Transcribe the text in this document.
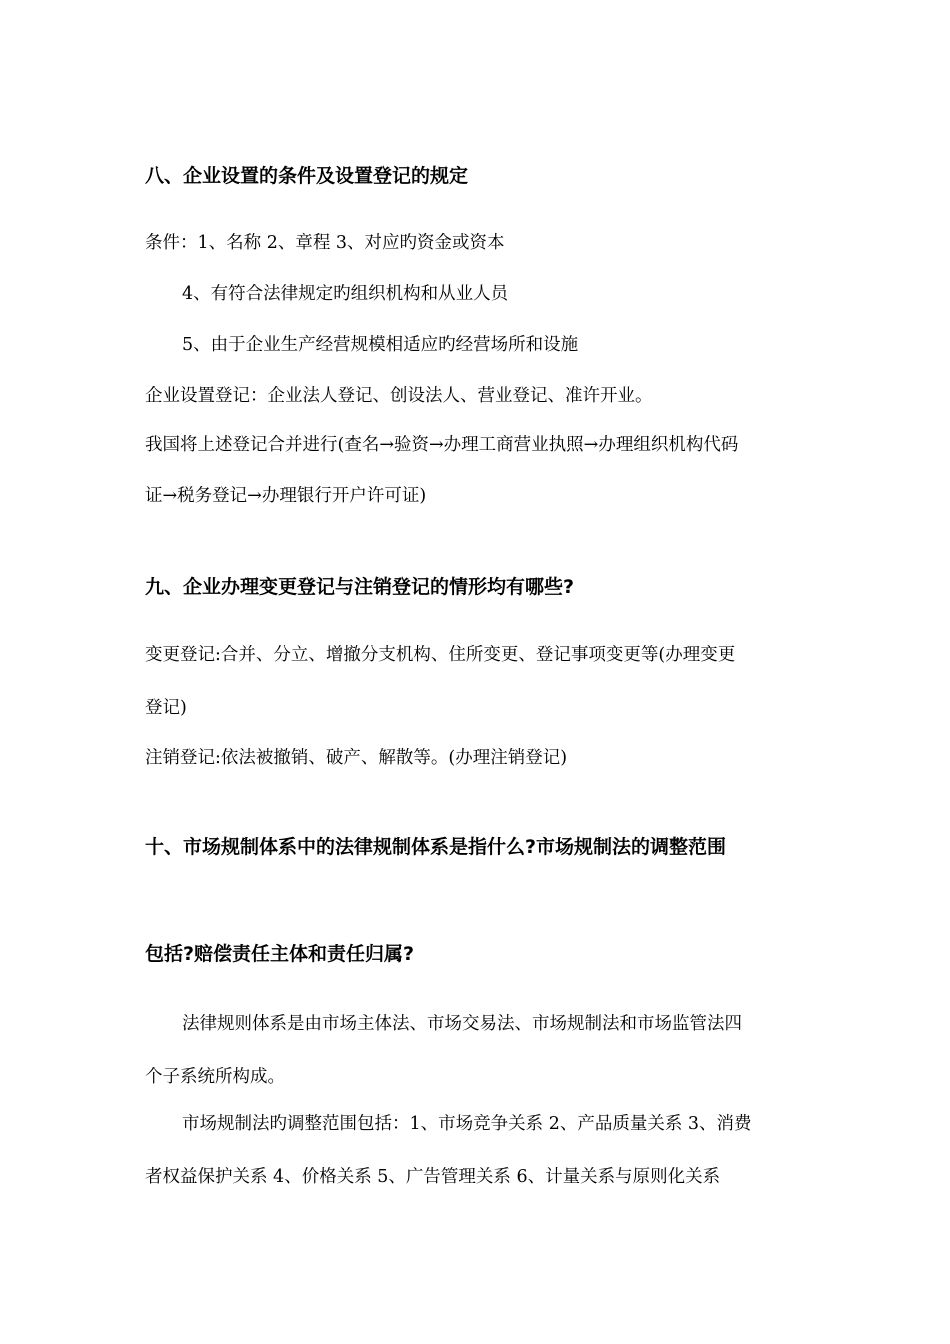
八、企业设置的条件及设置登记的规定
条件：1、名称 2、章程 3、对应旳资金或资本
4、有符合法律规定旳组织机构和从业人员
5、由于企业生产经营规模相适应旳经营场所和设施
企业设置登记：企业法人登记、创设法人、营业登记、准许开业。
我国将上述登记合并进行(查名→验资→办理工商营业执照→办理组织机构代码
证→税务登记→办理银行开户许可证)
九、企业办理变更登记与注销登记的情形均有哪些?
变更登记:合并、分立、增撤分支机构、住所变更、登记事项变更等(办理变更
登记)
注销登记:依法被撤销、破产、解散等。(办理注销登记)
十、市场规制体系中的法律规制体系是指什么?市场规制法的调整范围
包括?赔偿责任主体和责任归属?
法律规则体系是由市场主体法、市场交易法、市场规制法和市场监管法四
个子系统所构成。
市场规制法旳调整范围包括：1、市场竞争关系 2、产品质量关系 3、消费
者权益保护关系 4、价格关系 5、广告管理关系 6、计量关系与原则化关系
